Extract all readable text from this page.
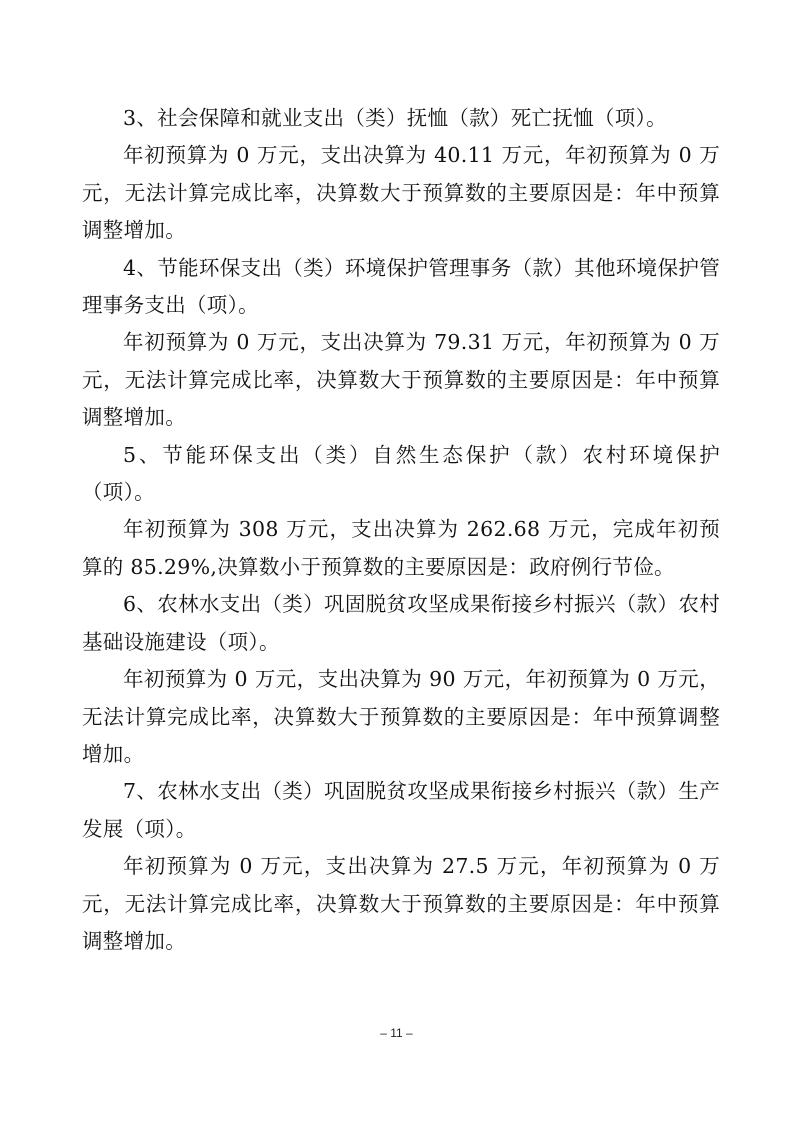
3、社会保障和就业支出（类）抚恤（款）死亡抚恤（项）。

年初预算为 0 万元，支出决算为 40.11 万元，年初预算为 0 万元，无法计算完成比率，决算数大于预算数的主要原因是：年中预算调整增加。

4、节能环保支出（类）环境保护管理事务（款）其他环境保护管理事务支出（项）。

年初预算为 0 万元，支出决算为 79.31 万元，年初预算为 0 万元，无法计算完成比率，决算数大于预算数的主要原因是：年中预算调整增加。

5、节能环保支出（类）自然生态保护（款）农村环境保护（项）。

年初预算为 308 万元，支出决算为 262.68 万元，完成年初预算的 85.29%,决算数小于预算数的主要原因是：政府例行节俭。

6、农林水支出（类）巩固脱贫攻坚成果衔接乡村振兴（款）农村基础设施建设（项）。

年初预算为 0 万元，支出决算为 90 万元，年初预算为 0 万元，无法计算完成比率，决算数大于预算数的主要原因是：年中预算调整增加。

7、农林水支出（类）巩固脱贫攻坚成果衔接乡村振兴（款）生产发展（项）。

年初预算为 0 万元，支出决算为 27.5 万元，年初预算为 0 万元，无法计算完成比率，决算数大于预算数的主要原因是：年中预算调整增加。

– 11 –
